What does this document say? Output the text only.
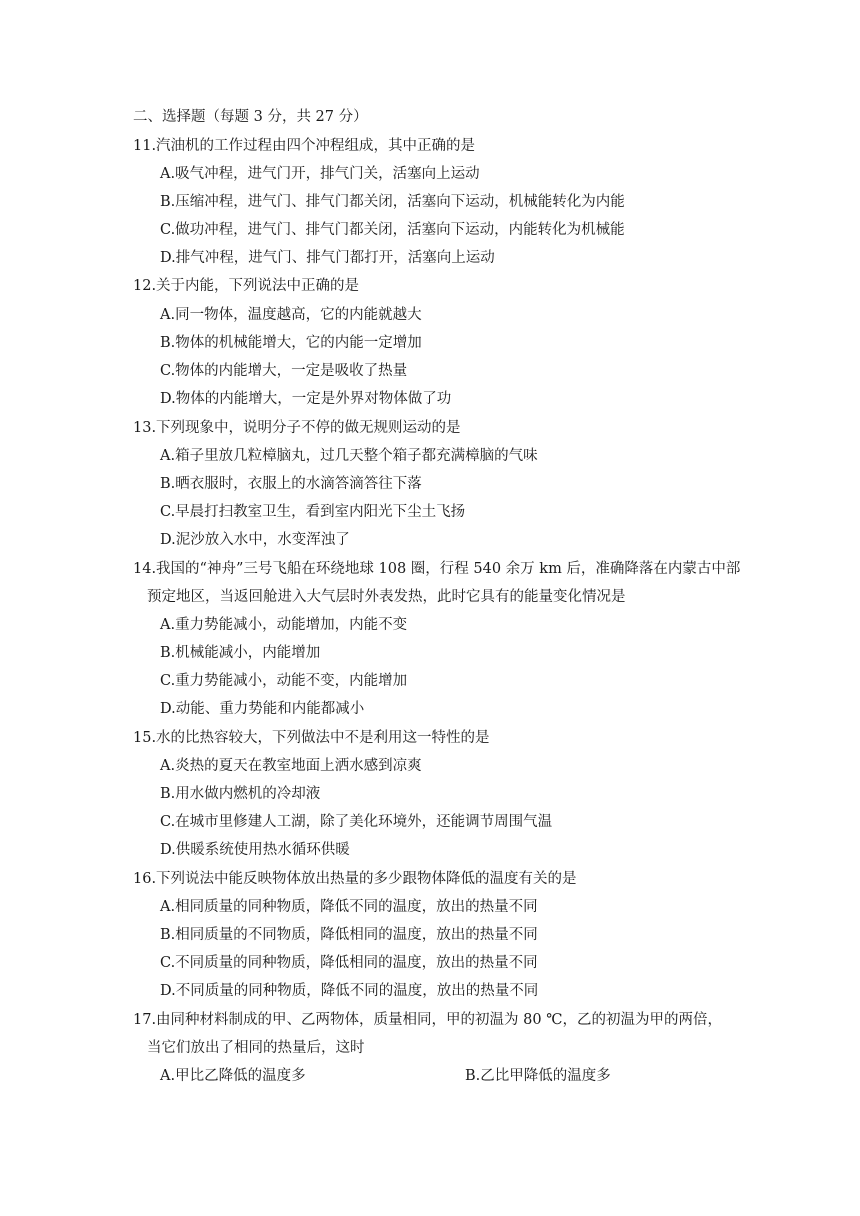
二、选择题（每题 3 分，共 27 分）
11.汽油机的工作过程由四个冲程组成，其中正确的是
A.吸气冲程，进气门开，排气门关，活塞向上运动
B.压缩冲程，进气门、排气门都关闭，活塞向下运动，机械能转化为内能
C.做功冲程，进气门、排气门都关闭，活塞向下运动，内能转化为机械能
D.排气冲程，进气门、排气门都打开，活塞向上运动
12.关于内能，下列说法中正确的是
A.同一物体，温度越高，它的内能就越大
B.物体的机械能增大，它的内能一定增加
C.物体的内能增大，一定是吸收了热量
D.物体的内能增大，一定是外界对物体做了功
13.下列现象中，说明分子不停的做无规则运动的是
A.箱子里放几粒樟脑丸，过几天整个箱子都充满樟脑的气味
B.晒衣服时，衣服上的水滴答滴答往下落
C.早晨打扫教室卫生，看到室内阳光下尘土飞扬
D.泥沙放入水中，水变浑浊了
14.我国的“神舟”三号飞船在环绕地球 108 圈，行程 540 余万 km 后，准确降落在内蒙古中部
预定地区，当返回舱进入大气层时外表发热，此时它具有的能量变化情况是
A.重力势能减小，动能增加，内能不变
B.机械能减小，内能增加
C.重力势能减小，动能不变，内能增加
D.动能、重力势能和内能都减小
15.水的比热容较大，下列做法中不是利用这一特性的是
A.炎热的夏天在教室地面上洒水感到凉爽
B.用水做内燃机的冷却液
C.在城市里修建人工湖，除了美化环境外，还能调节周围气温
D.供暖系统使用热水循环供暖
16.下列说法中能反映物体放出热量的多少跟物体降低的温度有关的是
A.相同质量的同种物质，降低不同的温度，放出的热量不同
B.相同质量的不同物质，降低相同的温度，放出的热量不同
C.不同质量的同种物质，降低相同的温度，放出的热量不同
D.不同质量的同种物质，降低不同的温度，放出的热量不同
17.由同种材料制成的甲、乙两物体，质量相同，甲的初温为 80 ℃，乙的初温为甲的两倍，
当它们放出了相同的热量后，这时
A.甲比乙降低的温度多	B.乙比甲降低的温度多
